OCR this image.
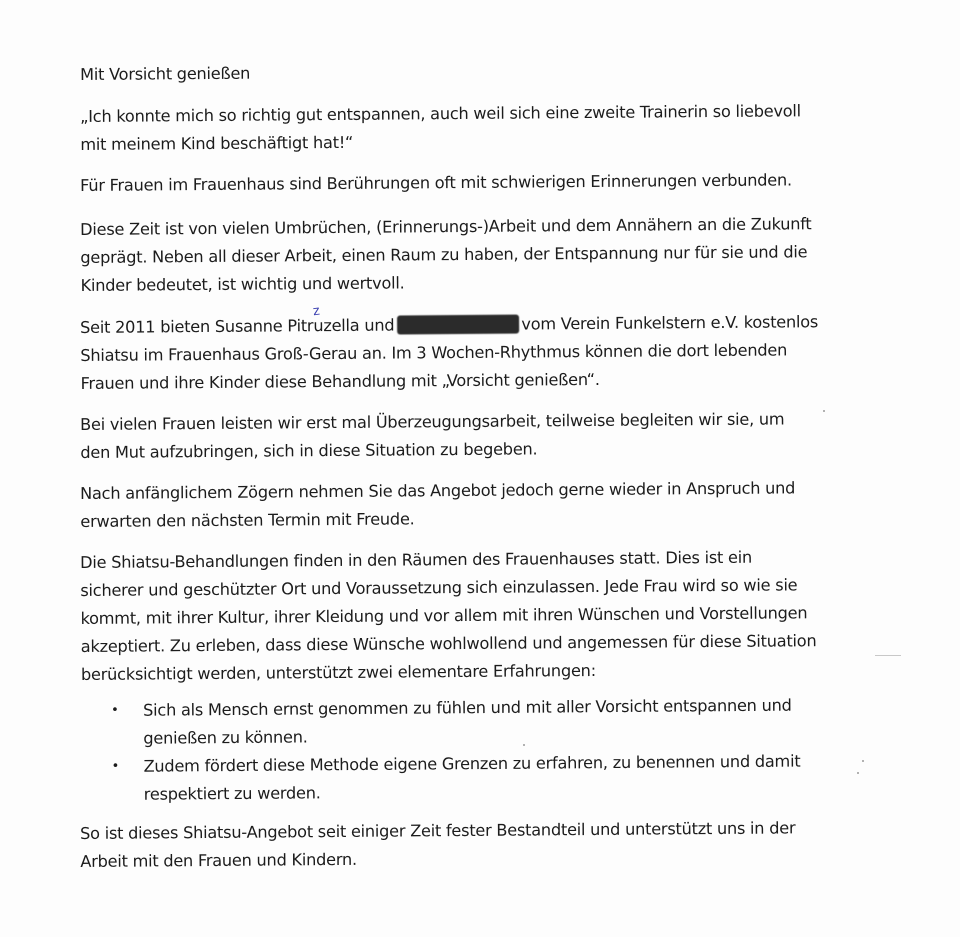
Mit Vorsicht genießen

„Ich konnte mich so richtig gut entspannen, auch weil sich eine zweite Trainerin so liebevoll
mit meinem Kind beschäftigt hat!“

Für Frauen im Frauenhaus sind Berührungen oft mit schwierigen Erinnerungen verbunden.

Diese Zeit ist von vielen Umbrüchen, (Erinnerungs-)Arbeit und dem Annähern an die Zukunft
geprägt. Neben all dieser Arbeit, einen Raum zu haben, der Entspannung nur für sie und die
Kinder bedeutet, ist wichtig und wertvoll.

Seit 2011 bieten Susanne Pitruzella und	vom Verein Funkelstern e.V. kostenlos
Shiatsu im Frauenhaus Groß-Gerau an. Im 3 Wochen-Rhythmus können die dort lebenden
Frauen und ihre Kinder diese Behandlung mit „Vorsicht genießen“.

z

Bei vielen Frauen leisten wir erst mal Überzeugungsarbeit, teilweise begleiten wir sie, um
den Mut aufzubringen, sich in diese Situation zu begeben.

Nach anfänglichem Zögern nehmen Sie das Angebot jedoch gerne wieder in Anspruch und
erwarten den nächsten Termin mit Freude.

Die Shiatsu-Behandlungen finden in den Räumen des Frauenhauses statt. Dies ist ein
sicherer und geschützter Ort und Voraussetzung sich einzulassen. Jede Frau wird so wie sie
kommt, mit ihrer Kultur, ihrer Kleidung und vor allem mit ihren Wünschen und Vorstellungen
akzeptiert. Zu erleben, dass diese Wünsche wohlwollend und angemessen für diese Situation
berücksichtigt werden, unterstützt zwei elementare Erfahrungen:

• Sich als Mensch ernst genommen zu fühlen und mit aller Vorsicht entspannen und
genießen zu können.
• Zudem fördert diese Methode eigene Grenzen zu erfahren, zu benennen und damit
respektiert zu werden.

So ist dieses Shiatsu-Angebot seit einiger Zeit fester Bestandteil und unterstützt uns in der
Arbeit mit den Frauen und Kindern.
